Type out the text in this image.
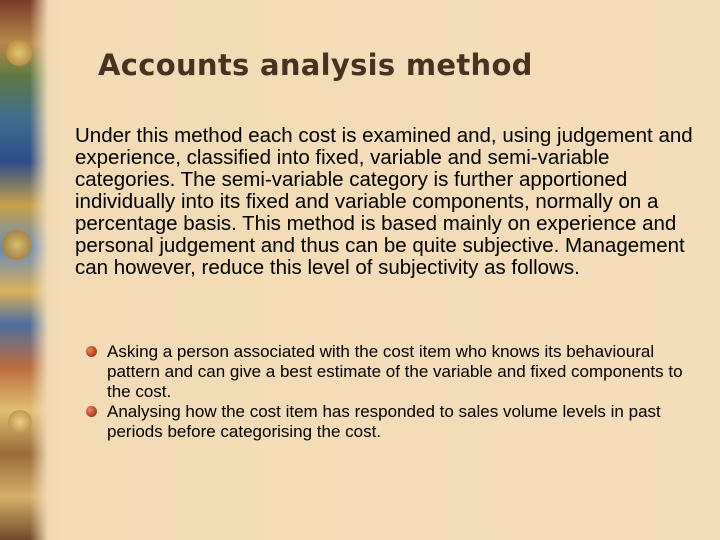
Accounts analysis method

Under this method each cost is examined and, using judgement and experience, classified into fixed, variable and semi-variable categories. The semi-variable category is further apportioned individually into its fixed and variable components, normally on a percentage basis. This method is based mainly on experience and personal judgement and thus can be quite subjective. Management can however, reduce this level of subjectivity as follows.

Asking a person associated with the cost item who knows its behavioural pattern and can give a best estimate of the variable and fixed components to the cost.
Analysing how the cost item has responded to sales volume levels in past periods before categorising the cost.
